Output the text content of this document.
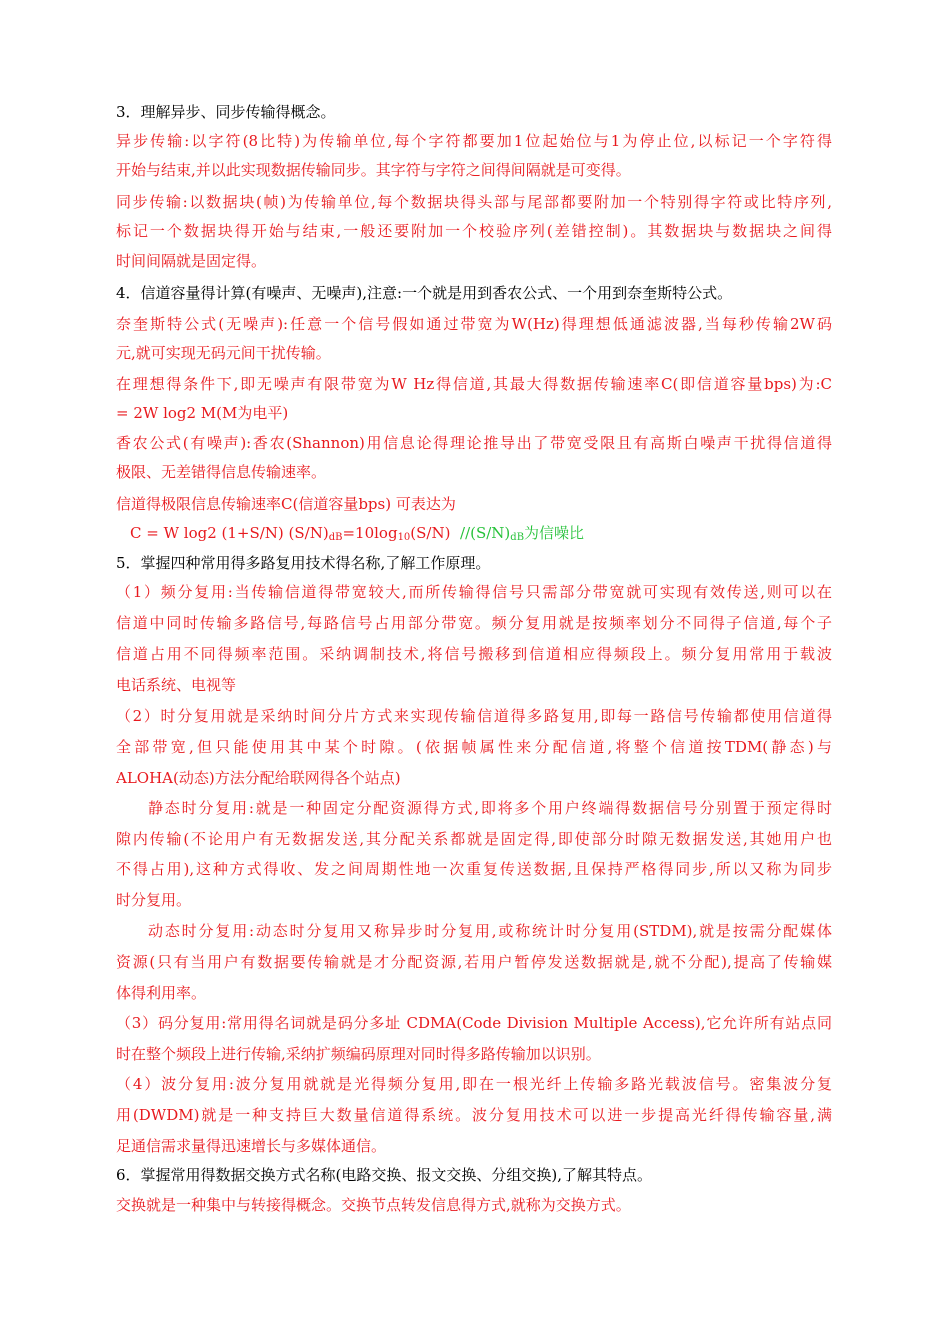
3．理解异步、同步传输得概念。
异步传输:以字符(8比特)为传输单位,每个字符都要加1位起始位与1为停止位,以标记一个字符得
开始与结束,并以此实现数据传输同步。其字符与字符之间得间隔就是可变得。
同步传输:以数据块(帧)为传输单位,每个数据块得头部与尾部都要附加一个特别得字符或比特序列,
标记一个数据块得开始与结束,一般还要附加一个校验序列(差错控制)。其数据块与数据块之间得
时间间隔就是固定得。
4．信道容量得计算(有噪声、无噪声),注意:一个就是用到香农公式、一个用到奈奎斯特公式。
奈奎斯特公式(无噪声):任意一个信号假如通过带宽为W(Hz)得理想低通滤波器,当每秒传输2W码
元,就可实现无码元间干扰传输。
在理想得条件下,即无噪声有限带宽为W Hz得信道,其最大得数据传输速率C(即信道容量bps)为:C
= 2W log2 M(M为电平)
香农公式(有噪声):香农(Shannon)用信息论得理论推导出了带宽受限且有高斯白噪声干扰得信道得
极限、无差错得信息传输速率。
信道得极限信息传输速率C(信道容量bps) 可表达为
C = W log2 (1+S/N) $(S/N)_{dB}=10\log_{10}(S/N)$ $//(S/N)_{dB}$为信噪比
5．掌握四种常用得多路复用技术得名称,了解工作原理。
（1）频分复用:当传输信道得带宽较大,而所传输得信号只需部分带宽就可实现有效传送,则可以在
信道中同时传输多路信号,每路信号占用部分带宽。频分复用就是按频率划分不同得子信道,每个子
信道占用不同得频率范围。采纳调制技术,将信号搬移到信道相应得频段上。频分复用常用于载波
电话系统、电视等
（2）时分复用就是采纳时间分片方式来实现传输信道得多路复用,即每一路信号传输都使用信道得
全部带宽,但只能使用其中某个时隙。(依据帧属性来分配信道,将整个信道按TDM(静态)与
ALOHA(动态)方法分配给联网得各个站点)
静态时分复用:就是一种固定分配资源得方式,即将多个用户终端得数据信号分别置于预定得时
隙内传输(不论用户有无数据发送,其分配关系都就是固定得,即使部分时隙无数据发送,其她用户也
不得占用),这种方式得收、发之间周期性地一次重复传送数据,且保持严格得同步,所以又称为同步
时分复用。
动态时分复用:动态时分复用又称异步时分复用,或称统计时分复用(STDM),就是按需分配媒体
资源(只有当用户有数据要传输就是才分配资源,若用户暂停发送数据就是,就不分配),提高了传输媒
体得利用率。
（3）码分复用:常用得名词就是码分多址 CDMA(Code Division Multiple Access),它允许所有站点同
时在整个频段上进行传输,采纳扩频编码原理对同时得多路传输加以识别。
（4）波分复用:波分复用就就是光得频分复用,即在一根光纤上传输多路光载波信号。密集波分复
用(DWDM)就是一种支持巨大数量信道得系统。波分复用技术可以进一步提高光纤得传输容量,满
足通信需求量得迅速增长与多媒体通信。
6．掌握常用得数据交换方式名称(电路交换、报文交换、分组交换),了解其特点。
交换就是一种集中与转接得概念。交换节点转发信息得方式,就称为交换方式。
